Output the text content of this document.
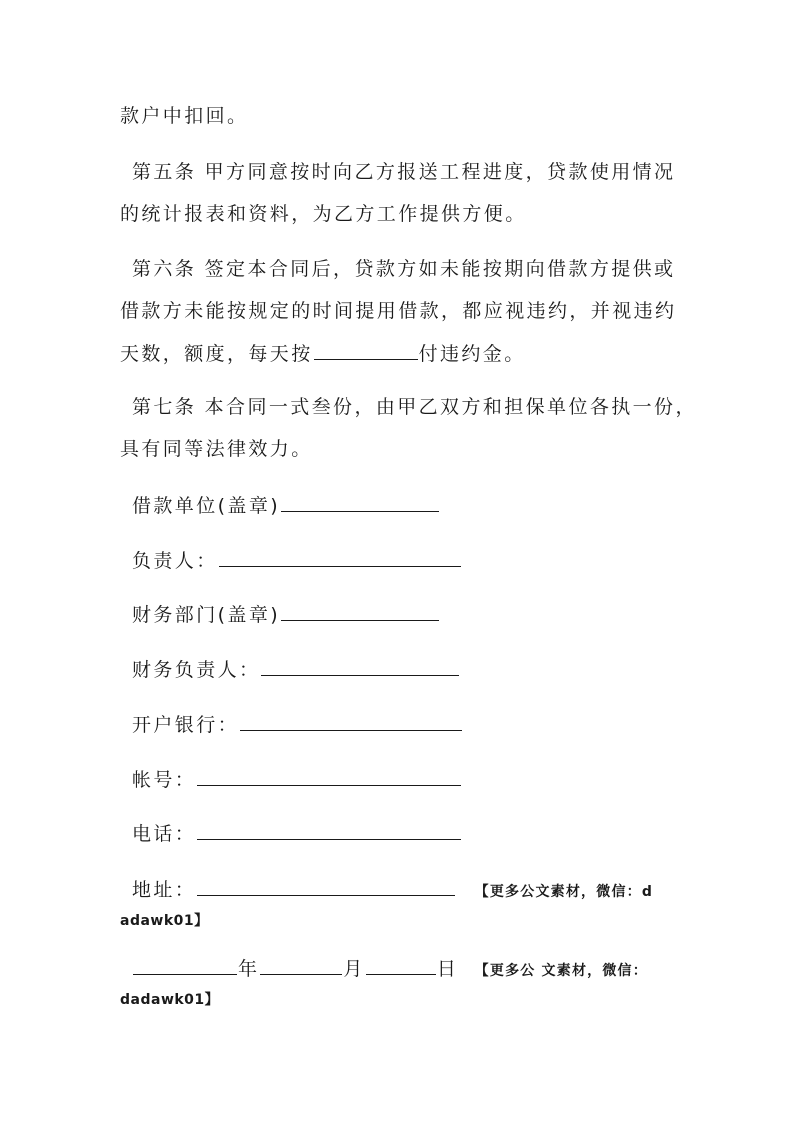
款户中扣回。
第五条 甲方同意按时向乙方报送工程进度，贷款使用情况
的统计报表和资料，为乙方工作提供方便。
第六条 签定本合同后，贷款方如未能按期向借款方提供或
借款方未能按规定的时间提用借款，都应视违约，并视违约
天数，额度，每天按	付违约金。
第七条 本合同一式叁份，由甲乙双方和担保单位各执一份，
具有同等法律效力。
借款单位(盖章)
负责人：
财务部门(盖章)
财务负责人：
开户银行：
帐号：
电话：
地址：	【更多公文素材，微信：d
adawk01】
年	月	日 【更多公 文素材，微信：
dadawk01】
